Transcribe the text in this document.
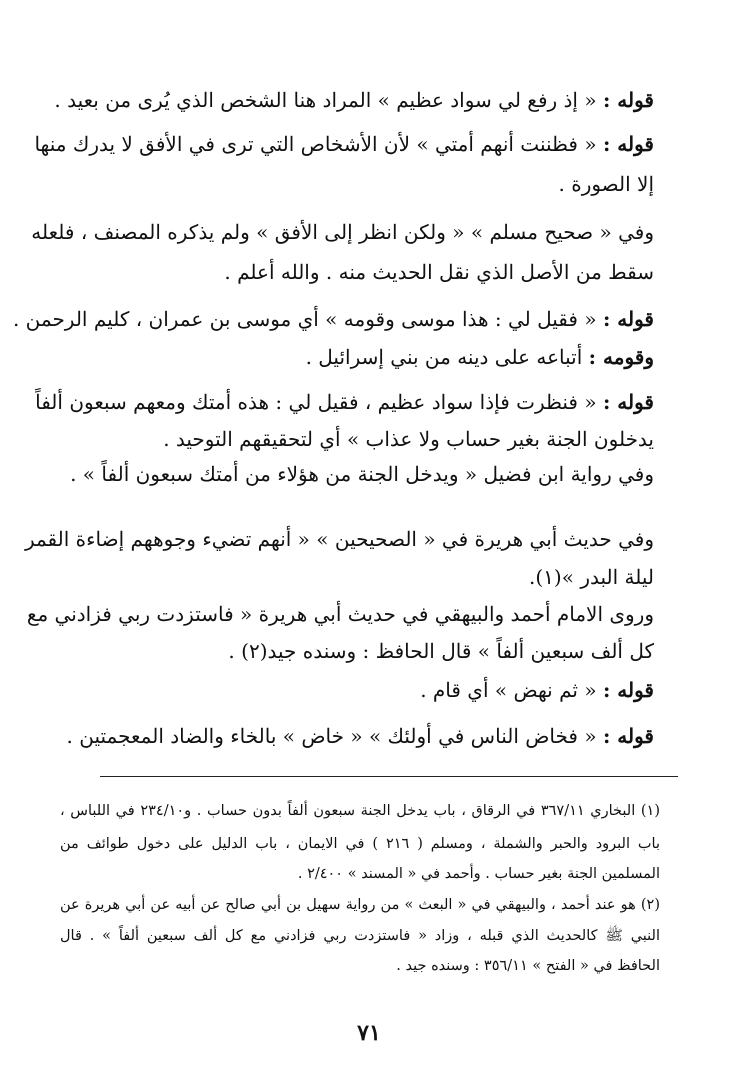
قوله : « إذ رفع لي سواد عظيم » المراد هنا الشخص الذي يُرى من بعيد .
قوله : « فظننت أنهم أمتي » لأن الأشخاص التي ترى في الأفق لا يدرك منها
إلا الصورة .
وفي « صحيح مسلم » « ولكن انظر إلى الأفق » ولم يذكره المصنف ، فلعله
سقط من الأصل الذي نقل الحديث منه . والله أعلم .
قوله : « فقيل لي : هذا موسى وقومه » أي موسى بن عمران ، كليم الرحمن .
وقومه : أتباعه على دينه من بني إسرائيل .
قوله : « فنظرت فإذا سواد عظيم ، فقيل لي : هذه أمتك ومعهم سبعون ألفاً
يدخلون الجنة بغير حساب ولا عذاب » أي لتحقيقهم التوحيد .
وفي رواية ابن فضيل « ويدخل الجنة من هؤلاء من أمتك سبعون ألفاً » .
وفي حديث أبي هريرة في « الصحيحين » « أنهم تضيء وجوههم إضاءة القمر
ليلة البدر »(١).
وروى الامام أحمد والبيهقي في حديث أبي هريرة « فاستزدت ربي فزادني مع
كل ألف سبعين ألفاً » قال الحافظ : وسنده جيد(٢) .
قوله : « ثم نهض » أي قام .
قوله : « فخاض الناس في أولئك » « خاض » بالخاء والضاد المعجمتين .
(١) البخاري ٣٦٧/١١ في الرقاق ، باب يدخل الجنة سبعون ألفاً بدون حساب . و٢٣٤/١٠ في اللباس ،
باب البرود والحبر والشملة ، ومسلم ( ٢١٦ ) في الايمان ، باب الدليل على دخول طوائف من
المسلمين الجنة بغير حساب . وأحمد في « المسند » ٢/٤٠٠ .
(٢) هو عند أحمد ، والبيهقي في « البعث » من رواية سهيل بن أبي صالح عن أبيه عن أبي هريرة عن
النبي ﷺ كالحديث الذي قبله ، وزاد « فاستزدت ربي فزادني مع كل ألف سبعين ألفاً » . قال
الحافظ في « الفتح » ٣٥٦/١١ : وسنده جيد .
٧١
